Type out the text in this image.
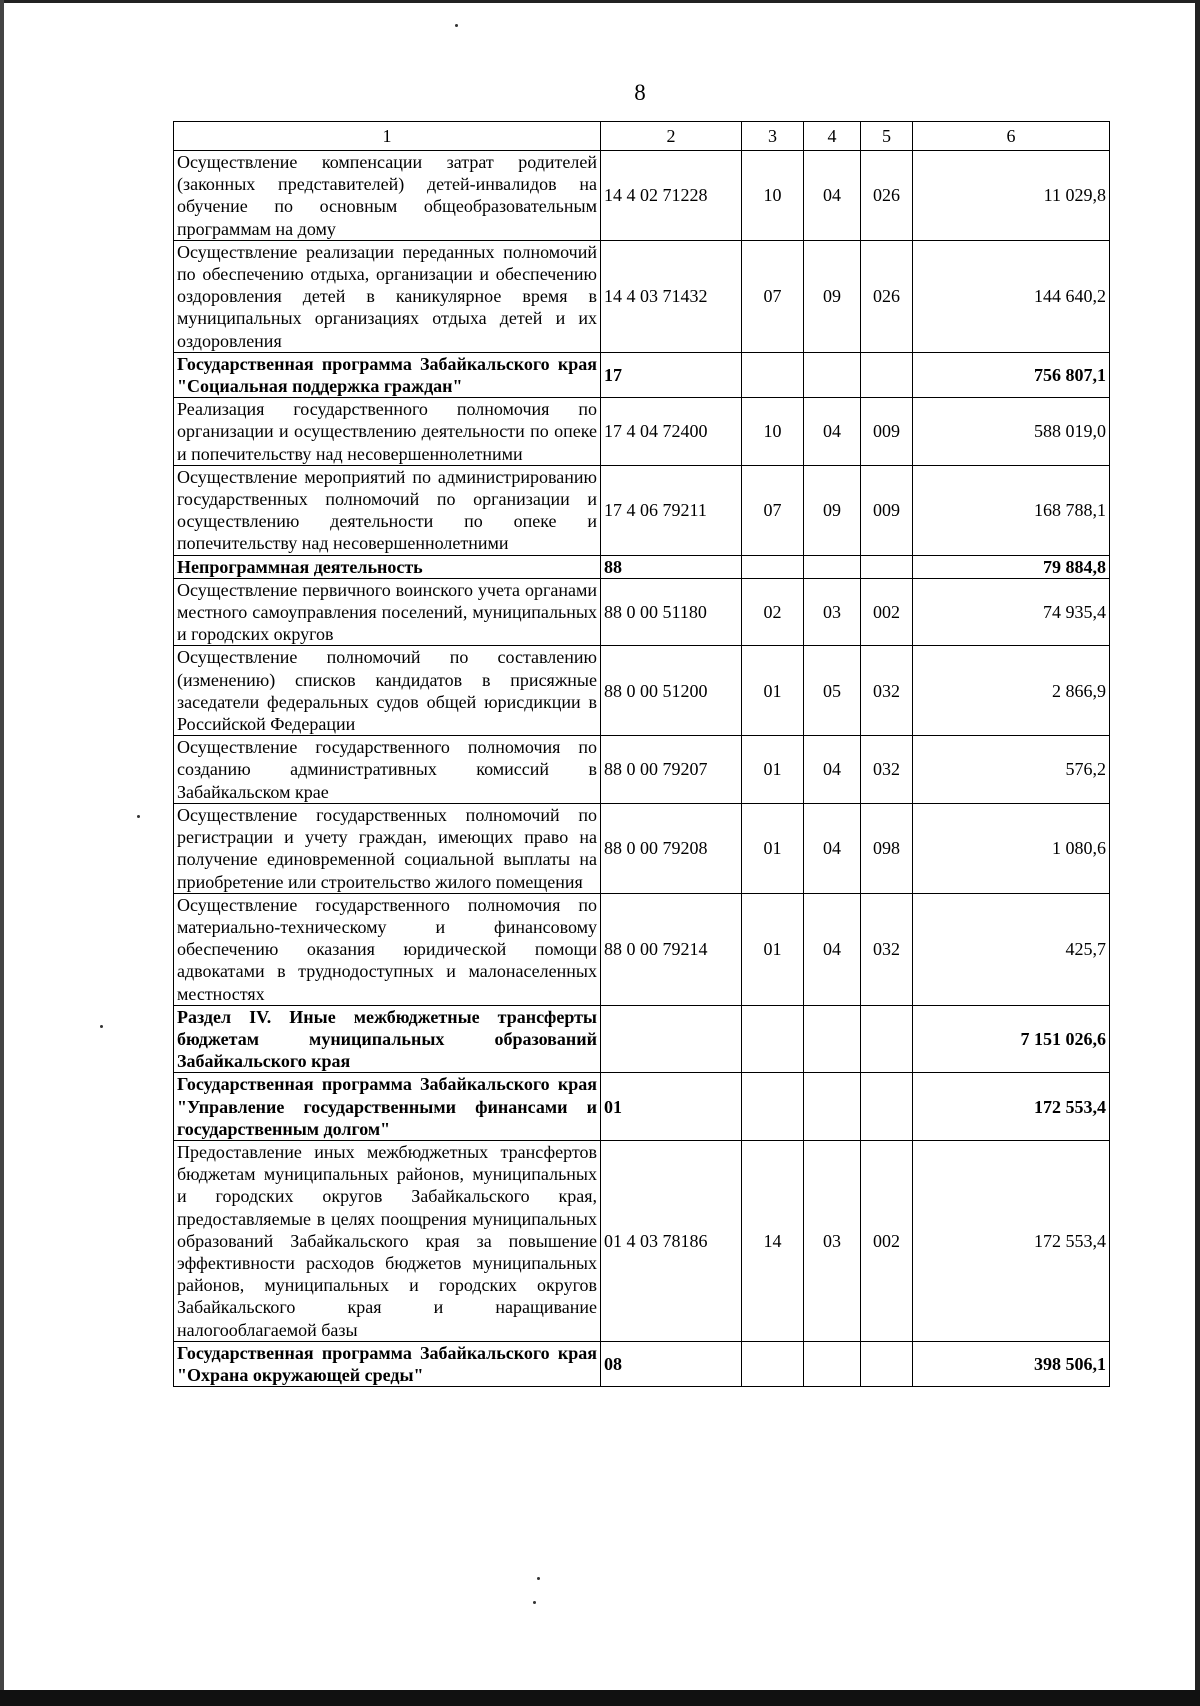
8
1	2	3	4	5	6
Осуществление компенсации затрат родителей (законных представителей) детей-инвалидов на обучение по основным общеобразовательным программам на дому	14 4 02 71228	10	04	026	11 029,8
Осуществление реализации переданных полномочий по обеспечению отдыха, организации и обеспечению оздоровления детей в каникулярное время в муниципальных организациях отдыха детей и их оздоровления	14 4 03 71432	07	09	026	144 640,2
Государственная программа Забайкальского края "Социальная поддержка граждан"	17				756 807,1
Реализация государственного полномочия по организации и осуществлению деятельности по опеке и попечительству над несовершеннолетними	17 4 04 72400	10	04	009	588 019,0
Осуществление мероприятий по администрированию государственных полномочий по организации и осуществлению деятельности по опеке и попечительству над несовершеннолетними	17 4 06 79211	07	09	009	168 788,1
Непрограммная деятельность	88				79 884,8
Осуществление первичного воинского учета органами местного самоуправления поселений, муниципальных и городских округов	88 0 00 51180	02	03	002	74 935,4
Осуществление полномочий по составлению (изменению) списков кандидатов в присяжные заседатели федеральных судов общей юрисдикции в Российской Федерации	88 0 00 51200	01	05	032	2 866,9
Осуществление государственного полномочия по созданию административных комиссий в Забайкальском крае	88 0 00 79207	01	04	032	576,2
Осуществление государственных полномочий по регистрации и учету граждан, имеющих право на получение единовременной социальной выплаты на приобретение или строительство жилого помещения	88 0 00 79208	01	04	098	1 080,6
Осуществление государственного полномочия по материально-техническому и финансовому обеспечению оказания юридической помощи адвокатами в труднодоступных и малонаселенных местностях	88 0 00 79214	01	04	032	425,7
Раздел IV. Иные межбюджетные трансферты бюджетам муниципальных образований Забайкальского края					7 151 026,6
Государственная программа Забайкальского края "Управление государственными финансами и государственным долгом"	01				172 553,4
Предоставление иных межбюджетных трансфертов бюджетам муниципальных районов, муниципальных и городских округов Забайкальского края, предоставляемые в целях поощрения муниципальных образований Забайкальского края за повышение эффективности расходов бюджетов муниципальных районов, муниципальных и городских округов Забайкальского края и наращивание налогооблагаемой базы	01 4 03 78186	14	03	002	172 553,4
Государственная программа Забайкальского края "Охрана окружающей среды"	08				398 506,1
